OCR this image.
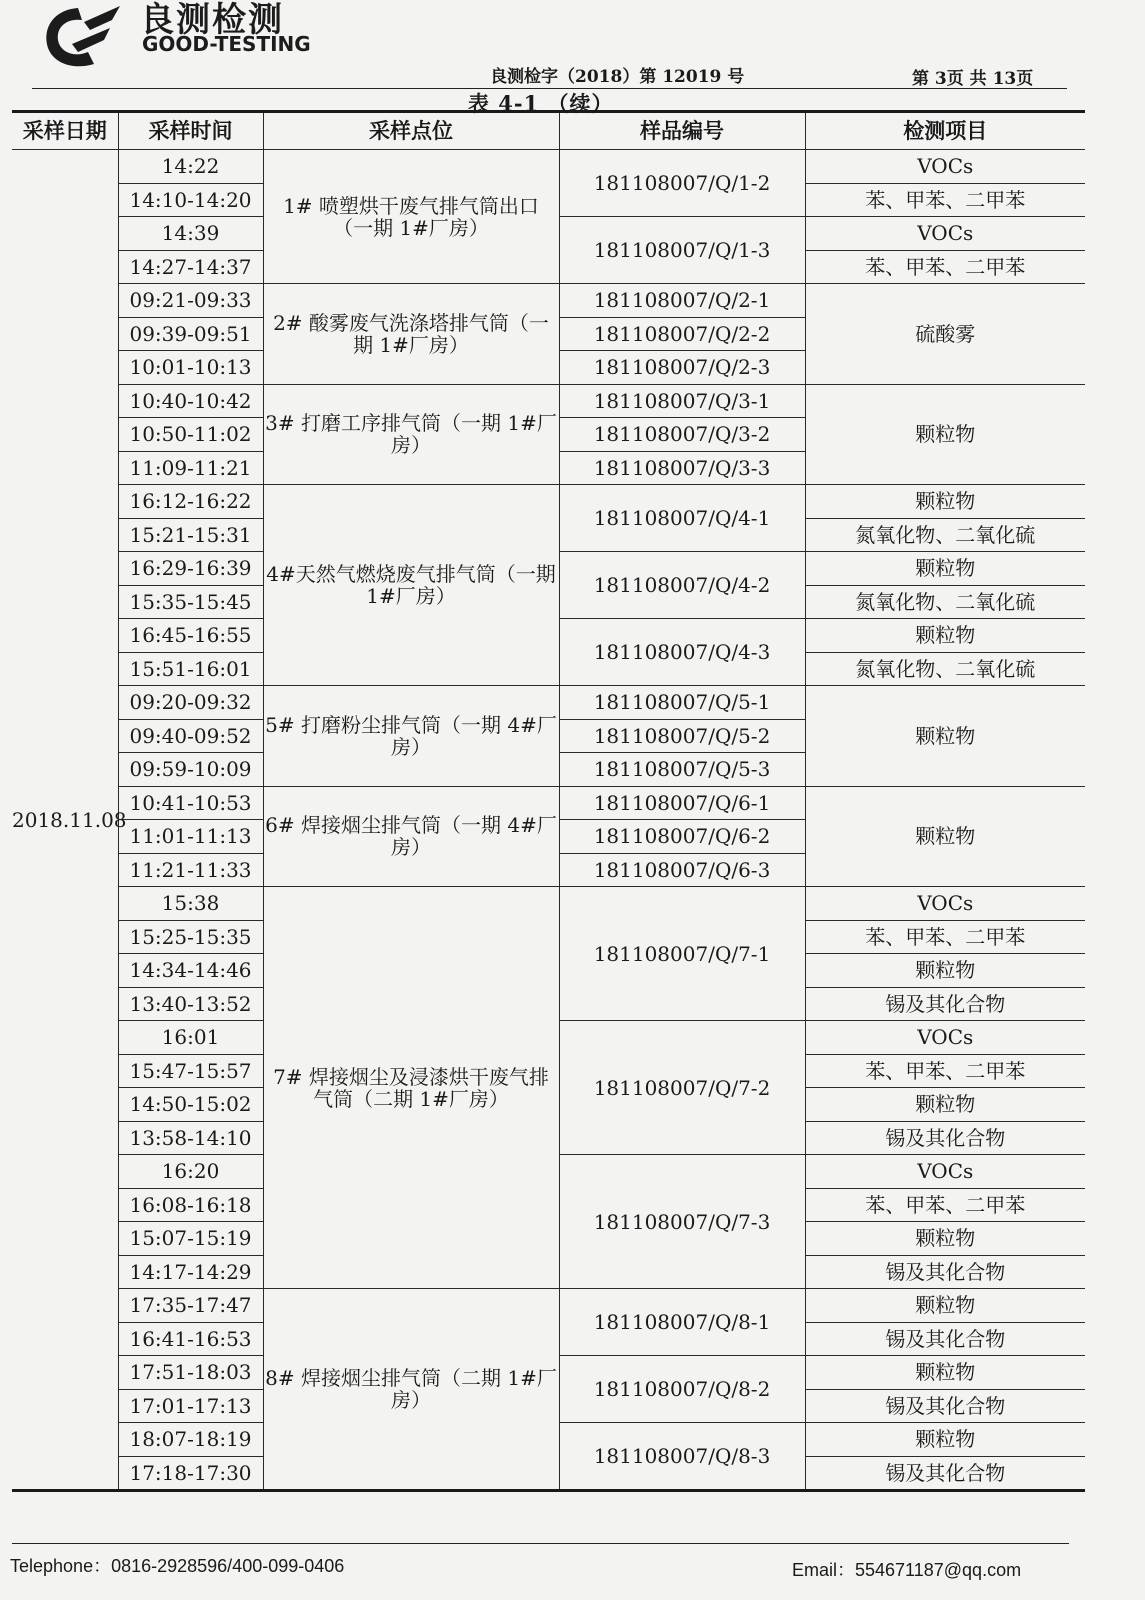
良测检测
GOOD-TESTING
良测检字（2018）第 12019 号	第 3页 共 13页
表 4-1 （续）
采样日期	采样时间	采样点位	样品编号	检测项目
2018.11.08	14:22	1# 喷塑烘干废气排气筒出口（一期 1#厂房）	181108007/Q/1-2	VOCs
	14:10-14:20			苯、甲苯、二甲苯
	14:39		181108007/Q/1-3	VOCs
	14:27-14:37			苯、甲苯、二甲苯
	09:21-09:33	2# 酸雾废气洗涤塔排气筒（一期 1#厂房）	181108007/Q/2-1	硫酸雾
	09:39-09:51		181108007/Q/2-2	
	10:01-10:13		181108007/Q/2-3	
	10:40-10:42	3# 打磨工序排气筒（一期 1#厂房）	181108007/Q/3-1	颗粒物
	10:50-11:02		181108007/Q/3-2	
	11:09-11:21		181108007/Q/3-3	
	16:12-16:22	4#天然气燃烧废气排气筒（一期 1#厂房）	181108007/Q/4-1	颗粒物
	15:21-15:31			氮氧化物、二氧化硫
	16:29-16:39		181108007/Q/4-2	颗粒物
	15:35-15:45			氮氧化物、二氧化硫
	16:45-16:55		181108007/Q/4-3	颗粒物
	15:51-16:01			氮氧化物、二氧化硫
	09:20-09:32	5# 打磨粉尘排气筒（一期 4#厂房）	181108007/Q/5-1	颗粒物
	09:40-09:52		181108007/Q/5-2	
	09:59-10:09		181108007/Q/5-3	
	10:41-10:53	6# 焊接烟尘排气筒（一期 4#厂房）	181108007/Q/6-1	颗粒物
	11:01-11:13		181108007/Q/6-2	
	11:21-11:33		181108007/Q/6-3	
	15:38	7# 焊接烟尘及浸漆烘干废气排气筒（二期 1#厂房）	181108007/Q/7-1	VOCs
	15:25-15:35			苯、甲苯、二甲苯
	14:34-14:46			颗粒物
	13:40-13:52			锡及其化合物
	16:01		181108007/Q/7-2	VOCs
	15:47-15:57			苯、甲苯、二甲苯
	14:50-15:02			颗粒物
	13:58-14:10			锡及其化合物
	16:20		181108007/Q/7-3	VOCs
	16:08-16:18			苯、甲苯、二甲苯
	15:07-15:19			颗粒物
	14:17-14:29			锡及其化合物
	17:35-17:47	8# 焊接烟尘排气筒（二期 1#厂房）	181108007/Q/8-1	颗粒物
	16:41-16:53			锡及其化合物
	17:51-18:03		181108007/Q/8-2	颗粒物
	17:01-17:13			锡及其化合物
	18:07-18:19		181108007/Q/8-3	颗粒物
	17:18-17:30			锡及其化合物
Telephone：0816-2928596/400-099-0406	Email：554671187@qq.com
